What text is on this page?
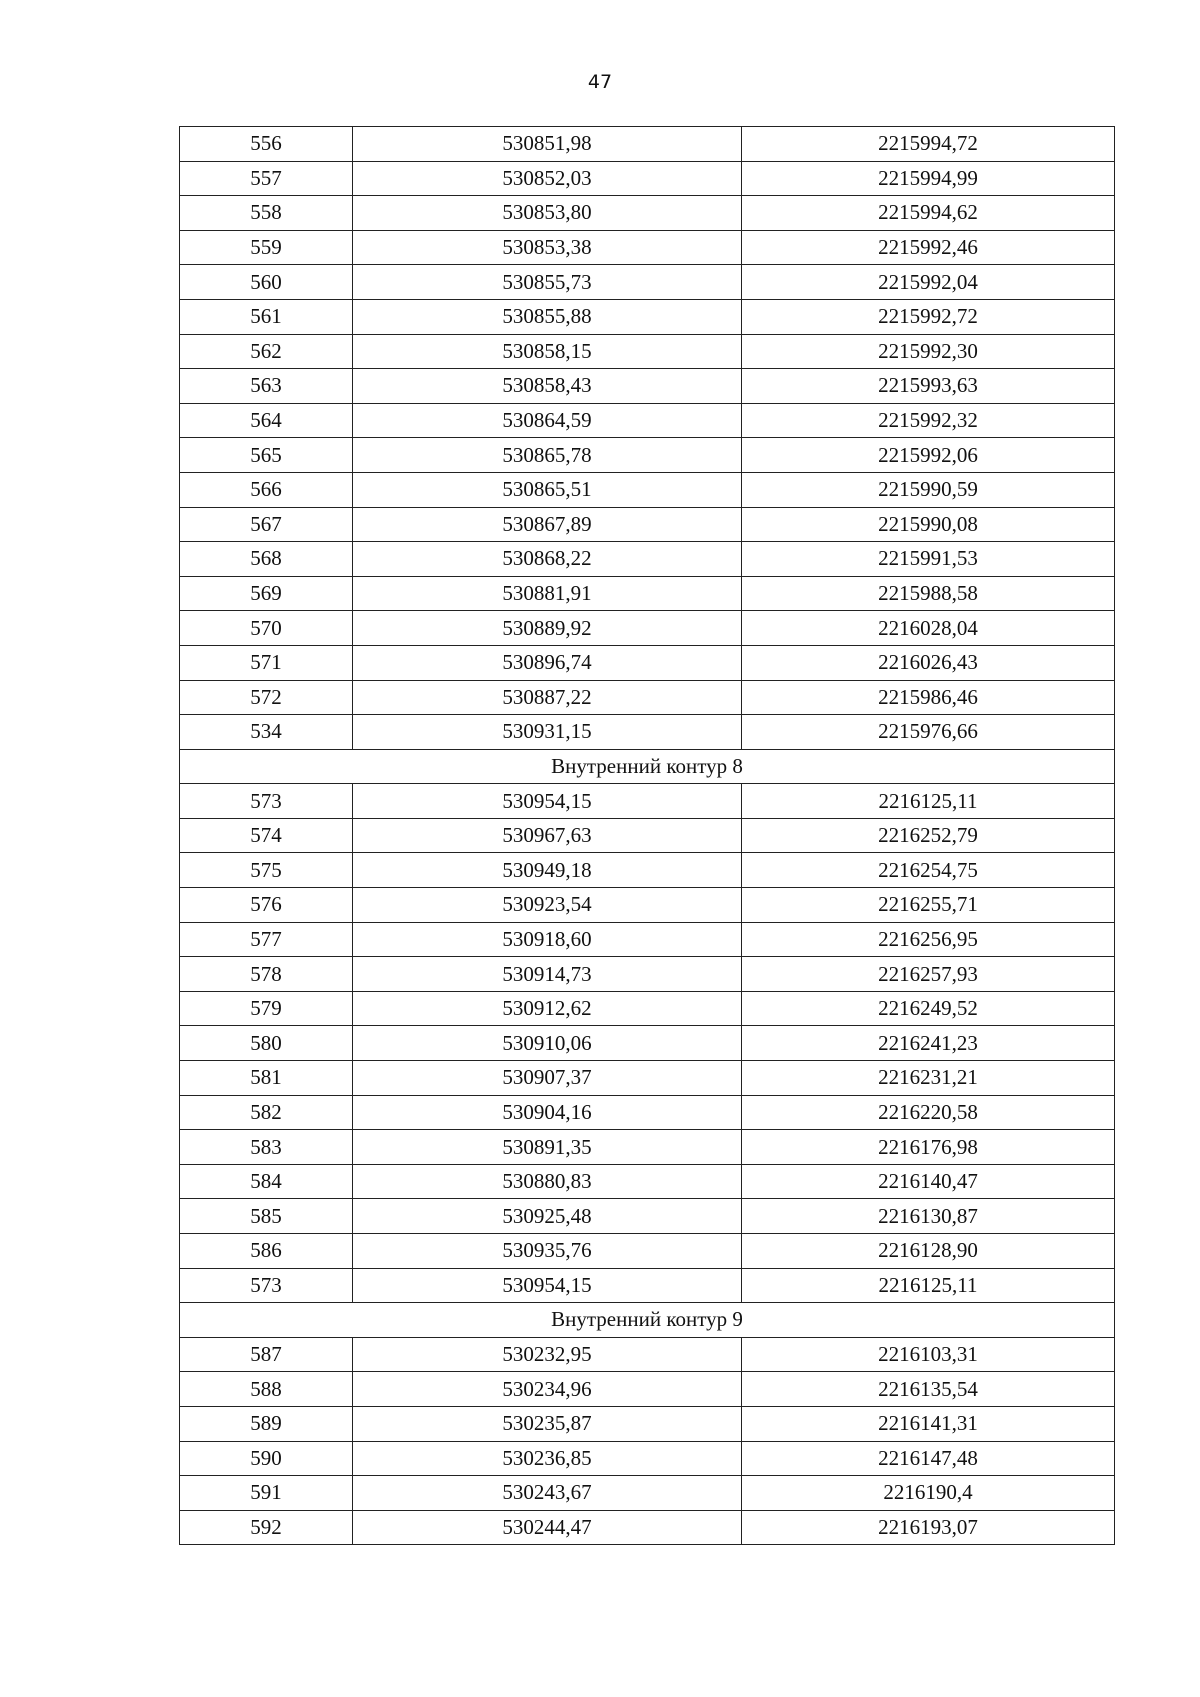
47
556	530851,98	2215994,72
557	530852,03	2215994,99
558	530853,80	2215994,62
559	530853,38	2215992,46
560	530855,73	2215992,04
561	530855,88	2215992,72
562	530858,15	2215992,30
563	530858,43	2215993,63
564	530864,59	2215992,32
565	530865,78	2215992,06
566	530865,51	2215990,59
567	530867,89	2215990,08
568	530868,22	2215991,53
569	530881,91	2215988,58
570	530889,92	2216028,04
571	530896,74	2216026,43
572	530887,22	2215986,46
534	530931,15	2215976,66
Внутренний контур 8		
573	530954,15	2216125,11
574	530967,63	2216252,79
575	530949,18	2216254,75
576	530923,54	2216255,71
577	530918,60	2216256,95
578	530914,73	2216257,93
579	530912,62	2216249,52
580	530910,06	2216241,23
581	530907,37	2216231,21
582	530904,16	2216220,58
583	530891,35	2216176,98
584	530880,83	2216140,47
585	530925,48	2216130,87
586	530935,76	2216128,90
573	530954,15	2216125,11
Внутренний контур 9		
587	530232,95	2216103,31
588	530234,96	2216135,54
589	530235,87	2216141,31
590	530236,85	2216147,48
591	530243,67	2216190,4
592	530244,47	2216193,07
